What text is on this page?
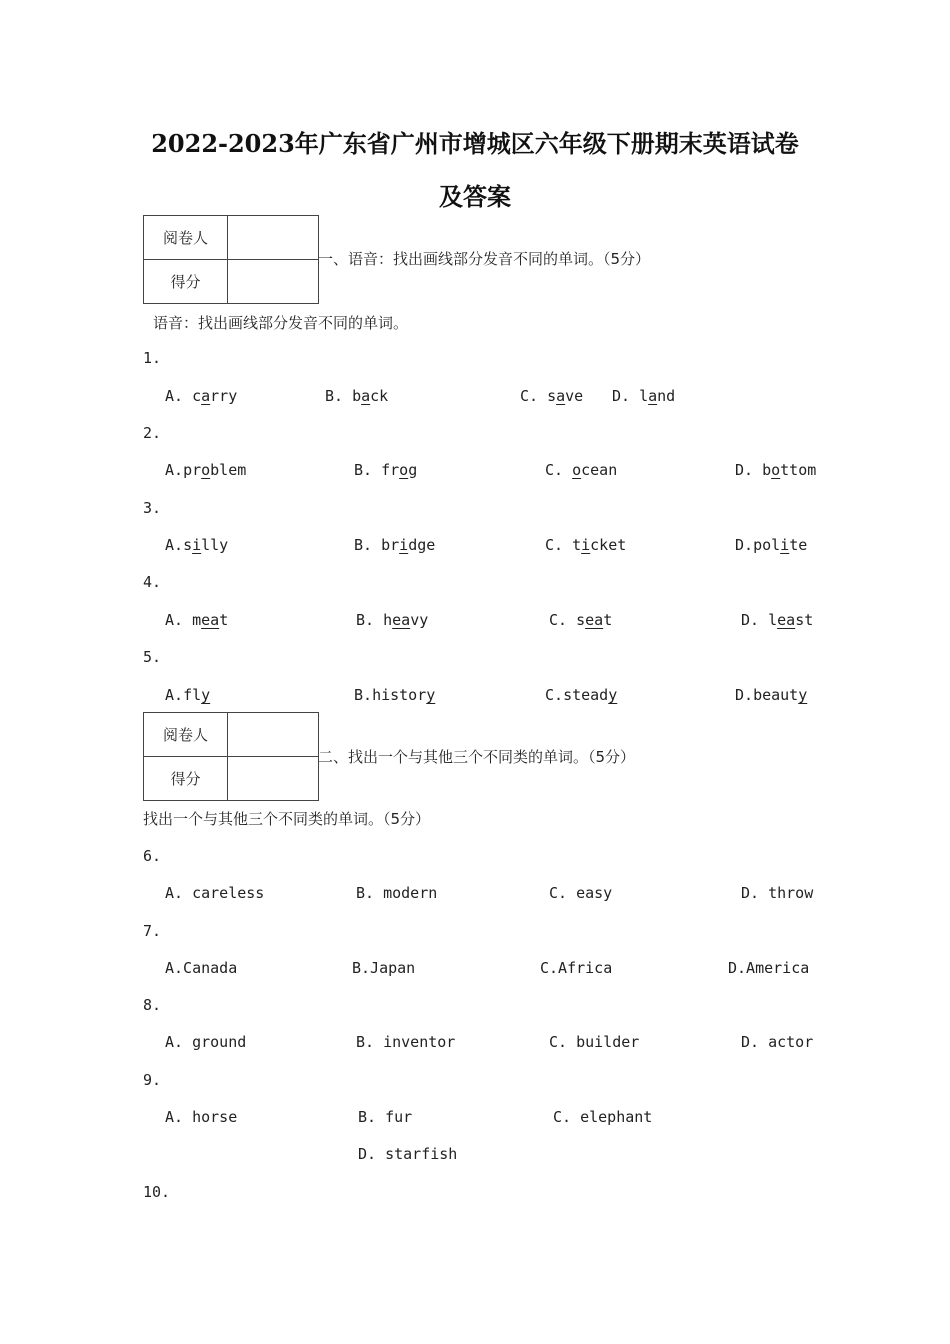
2022-2023年广东省广州市增城区六年级下册期末英语试卷
及答案
阅卷人	
得分	
一、语音：找出画线部分发音不同的单词。（5分）
语音：找出画线部分发音不同的单词。
1.
A. carry	B. back	C. save D. land
2.
A.problem	B. frog	C. ocean	D. bottom
3.
A.silly	B. bridge	C. ticket	D.polite
4.
A. meat	B. heavy	C. seat	D. least
5.
A.fly	B.history	C.steady	D.beauty
阅卷人	
得分	
二、找出一个与其他三个不同类的单词。（5分）
找出一个与其他三个不同类的单词。（5分）
6.
A. careless	B. modern	C. easy	D. throw
7.
A.Canada	B.Japan	C.Africa	D.America
8.
A. ground	B. inventor	C. builder	D. actor
9.
A. horse	B. fur	C. elephant
D. starfish
10.
